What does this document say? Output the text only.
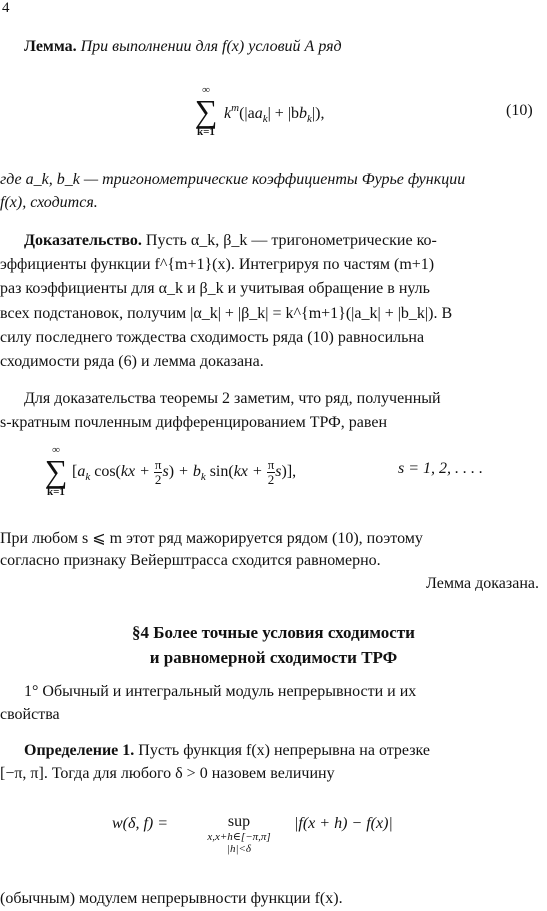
4
Лемма. При выполнении для f(x) условий А ряд
∞
∑
k=1
$k^m(|aa_k| + |bb_k|)$,	(10)
где a_k, b_k — тригонометрические коэффициенты Фурье функции
f(x), сходится.
Доказательство. Пусть α_k, β_k — тригонометрические ко-
эффициенты функции f^{m+1}(x). Интегрируя по частям (m+1)
раз коэффициенты для α_k и β_k и учитывая обращение в нуль
всех подстановок, получим |α_k| + |β_k| = k^{m+1}(|a_k| + |b_k|). В
силу последнего тождества сходимость ряда (10) равносильна
сходимости ряда (6) и лемма доказана.
Для доказательства теоремы 2 заметим, что ряд, полученный
s-кратным почленным дифференцированием ТРФ, равен
∞
∑
k=1
[$a_k$ $\cos(kx + \frac{\pi}{2} s) + b_k$ $\sin(kx + \frac{\pi}{2} s)$],	s = 1, 2, . . . .
При любом s ⩽ m этот ряд мажорируется рядом (10), поэтому
согласно признаку Вейерштрасса сходится равномерно.
Лемма доказана.
§4 Более точные условия сходимости
и равномерной сходимости ТРФ
1° Обычный и интегральный модуль непрерывности и их
свойства
Определение 1. Пусть функция f(x) непрерывна на отрезке
[−π, π]. Тогда для любого δ > 0 назовем величину
w(δ, f) =	sup
x,x+h∈[−π,π]
|h|<δ
|f(x + h) − f(x)|
(обычным) модулем непрерывности функции f(x).
